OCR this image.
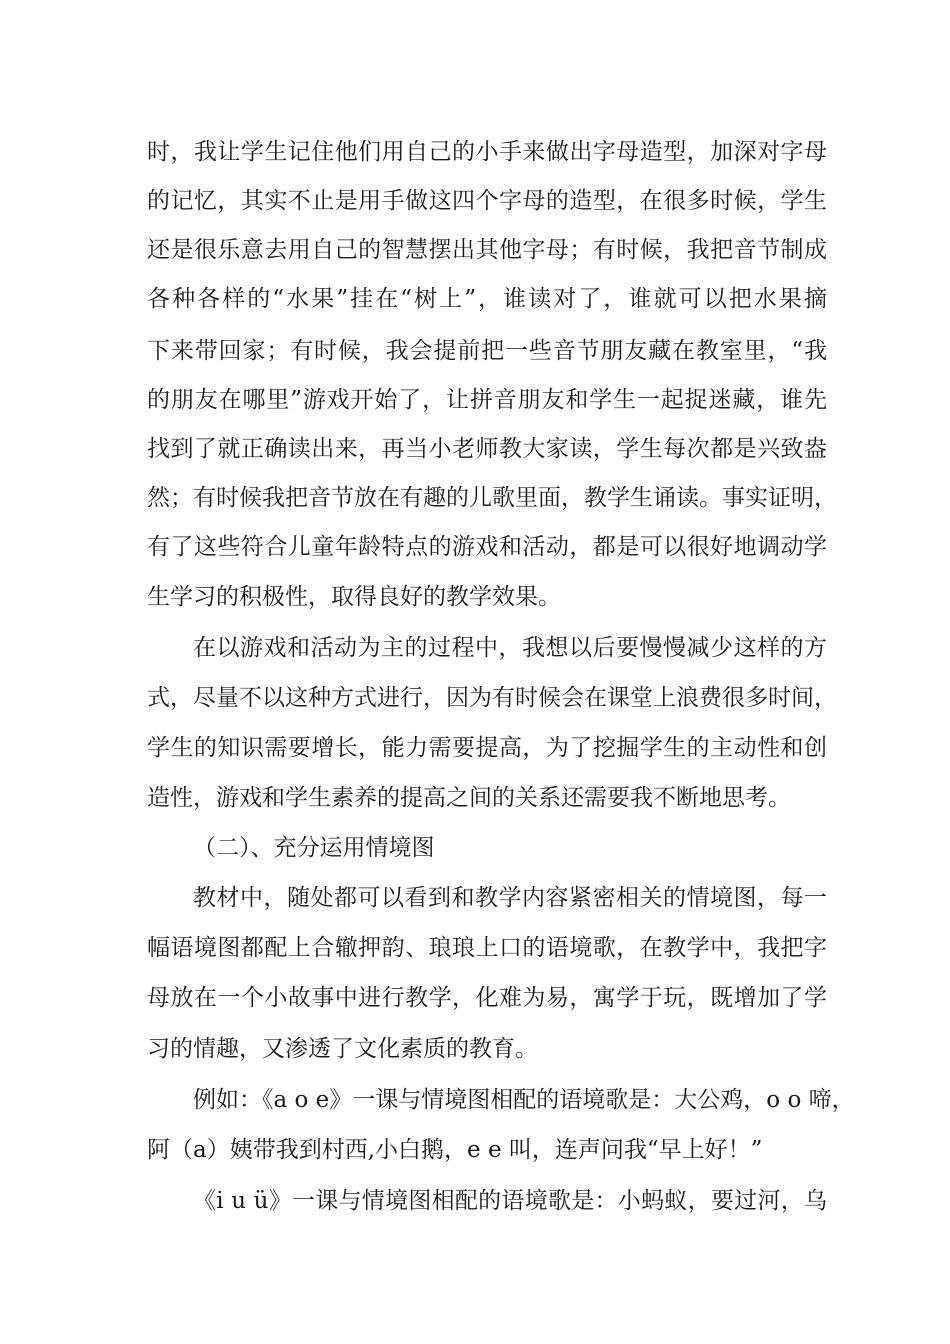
时，我让学生记住他们用自己的小手来做出字母造型，加深对字母
的记忆，其实不止是用手做这四个字母的造型，在很多时候，学生
还是很乐意去用自己的智慧摆出其他字母；有时候，我把音节制成
各种各样的“水果”挂在“树上”，谁读对了，谁就可以把水果摘
下来带回家；有时候，我会提前把一些音节朋友藏在教室里，“我
的朋友在哪里”游戏开始了，让拼音朋友和学生一起捉迷藏，谁先
找到了就正确读出来，再当小老师教大家读，学生每次都是兴致盎
然；有时候我把音节放在有趣的儿歌里面，教学生诵读。事实证明，
有了这些符合儿童年龄特点的游戏和活动，都是可以很好地调动学
生学习的积极性，取得良好的教学效果。
在以游戏和活动为主的过程中，我想以后要慢慢减少这样的方
式，尽量不以这种方式进行，因为有时候会在课堂上浪费很多时间，
学生的知识需要增长，能力需要提高，为了挖掘学生的主动性和创
造性，游戏和学生素养的提高之间的关系还需要我不断地思考。
（二）、充分运用情境图
教材中，随处都可以看到和教学内容紧密相关的情境图，每一
幅语境图都配上合辙押韵、琅琅上口的语境歌，在教学中，我把字
母放在一个小故事中进行教学，化难为易，寓学于玩，既增加了学
习的情趣，又渗透了文化素质的教育。
例如：《a o e》一课与情境图相配的语境歌是：大公鸡，o o 啼，
阿（a）姨带我到村西,小白鹅，e e 叫，连声问我“早上好！”
《i u ü》一课与情境图相配的语境歌是：小蚂蚁，要过河，乌
